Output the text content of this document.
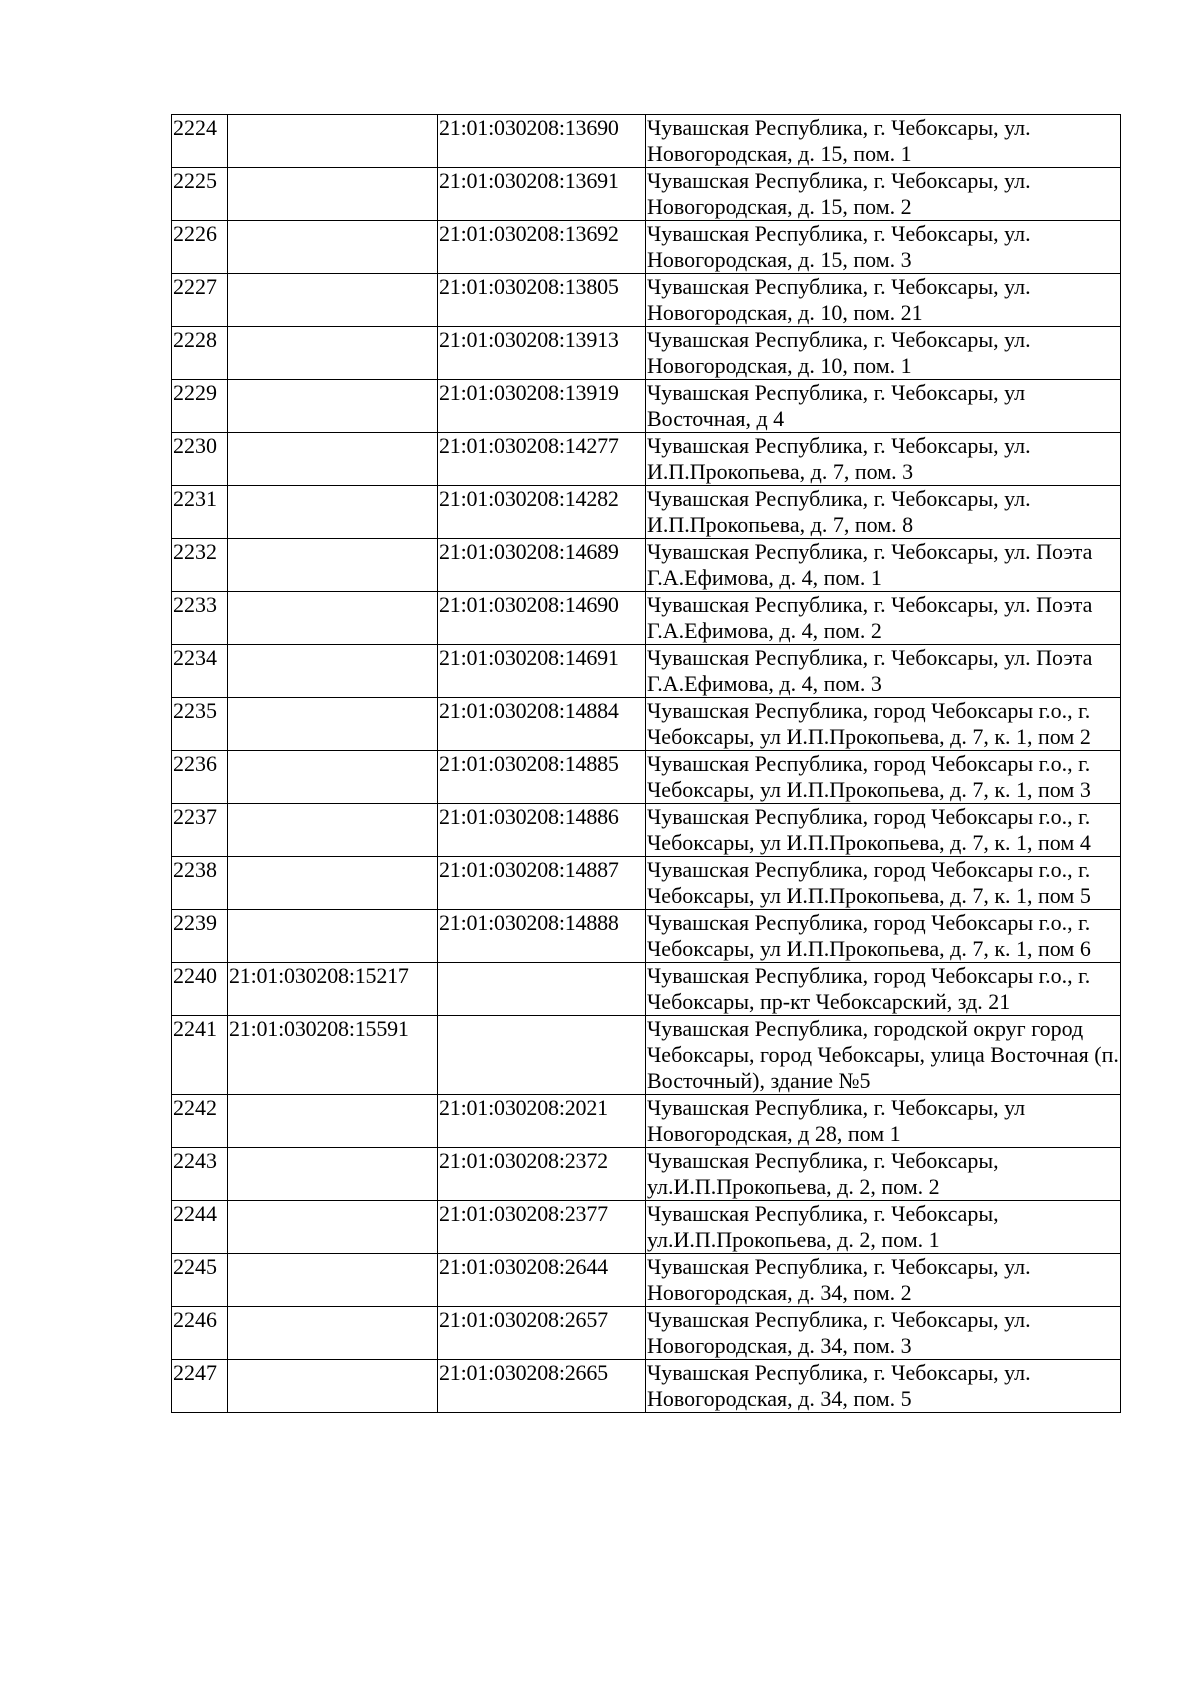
2224		21:01:030208:13690	Чувашская Республика, г. Чебоксары, ул. Новогородская, д. 15, пом. 1
2225		21:01:030208:13691	Чувашская Республика, г. Чебоксары, ул. Новогородская, д. 15, пом. 2
2226		21:01:030208:13692	Чувашская Республика, г. Чебоксары, ул. Новогородская, д. 15, пом. 3
2227		21:01:030208:13805	Чувашская Республика, г. Чебоксары, ул. Новогородская, д. 10, пом. 21
2228		21:01:030208:13913	Чувашская Республика, г. Чебоксары, ул. Новогородская, д. 10, пом. 1
2229		21:01:030208:13919	Чувашская Республика, г. Чебоксары, ул Восточная, д 4
2230		21:01:030208:14277	Чувашская Республика, г. Чебоксары, ул. И.П.Прокопьева, д. 7, пом. 3
2231		21:01:030208:14282	Чувашская Республика, г. Чебоксары, ул. И.П.Прокопьева, д. 7, пом. 8
2232		21:01:030208:14689	Чувашская Республика, г. Чебоксары, ул. Поэта Г.А.Ефимова, д. 4, пом. 1
2233		21:01:030208:14690	Чувашская Республика, г. Чебоксары, ул. Поэта Г.А.Ефимова, д. 4, пом. 2
2234		21:01:030208:14691	Чувашская Республика, г. Чебоксары, ул. Поэта Г.А.Ефимова, д. 4, пом. 3
2235		21:01:030208:14884	Чувашская Республика, город Чебоксары г.о., г. Чебоксары, ул И.П.Прокопьева, д. 7, к. 1, пом 2
2236		21:01:030208:14885	Чувашская Республика, город Чебоксары г.о., г. Чебоксары, ул И.П.Прокопьева, д. 7, к. 1, пом 3
2237		21:01:030208:14886	Чувашская Республика, город Чебоксары г.о., г. Чебоксары, ул И.П.Прокопьева, д. 7, к. 1, пом 4
2238		21:01:030208:14887	Чувашская Республика, город Чебоксары г.о., г. Чебоксары, ул И.П.Прокопьева, д. 7, к. 1, пом 5
2239		21:01:030208:14888	Чувашская Республика, город Чебоксары г.о., г. Чебоксары, ул И.П.Прокопьева, д. 7, к. 1, пом 6
2240	21:01:030208:15217		Чувашская Республика, город Чебоксары г.о., г. Чебоксары, пр-кт Чебоксарский, зд. 21
2241	21:01:030208:15591		Чувашская Республика, городской округ город Чебоксары, город Чебоксары, улица Восточная (п. Восточный), здание №5
2242		21:01:030208:2021	Чувашская Республика, г. Чебоксары, ул Новогородская, д 28, пом 1
2243		21:01:030208:2372	Чувашская Республика, г. Чебоксары, ул.И.П.Прокопьева, д. 2, пом. 2
2244		21:01:030208:2377	Чувашская Республика, г. Чебоксары, ул.И.П.Прокопьева, д. 2, пом. 1
2245		21:01:030208:2644	Чувашская Республика, г. Чебоксары, ул. Новогородская, д. 34, пом. 2
2246		21:01:030208:2657	Чувашская Республика, г. Чебоксары, ул. Новогородская, д. 34, пом. 3
2247		21:01:030208:2665	Чувашская Республика, г. Чебоксары, ул. Новогородская, д. 34, пом. 5
